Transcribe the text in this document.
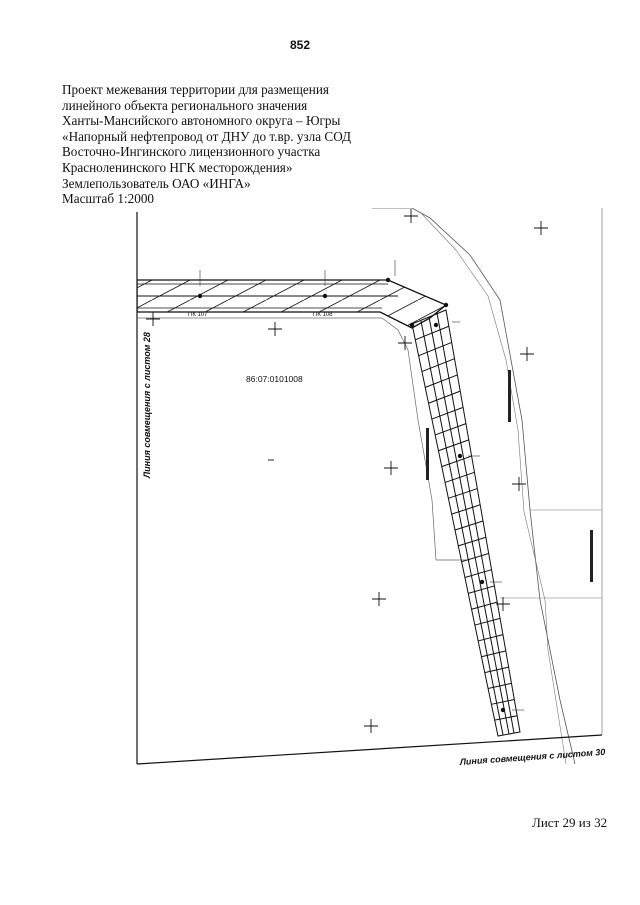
852
Проект межевания территории для размещения
линейного объекта регионального значения
Ханты-Мансийского автономного округа – Югры
«Напорный нефтепровод от ДНУ до т.вр. узла СОД
Восточно-Ингинского лицензионного участка
Красноленинского НГК месторождения»
Землепользователь ОАО «ИНГА»
Масштаб 1:2000
86:07:0101008
ПК 107	ПК 108
Линия совмещения с листом 28
Линия совмещения с листом 30
Лист 29 из 32
